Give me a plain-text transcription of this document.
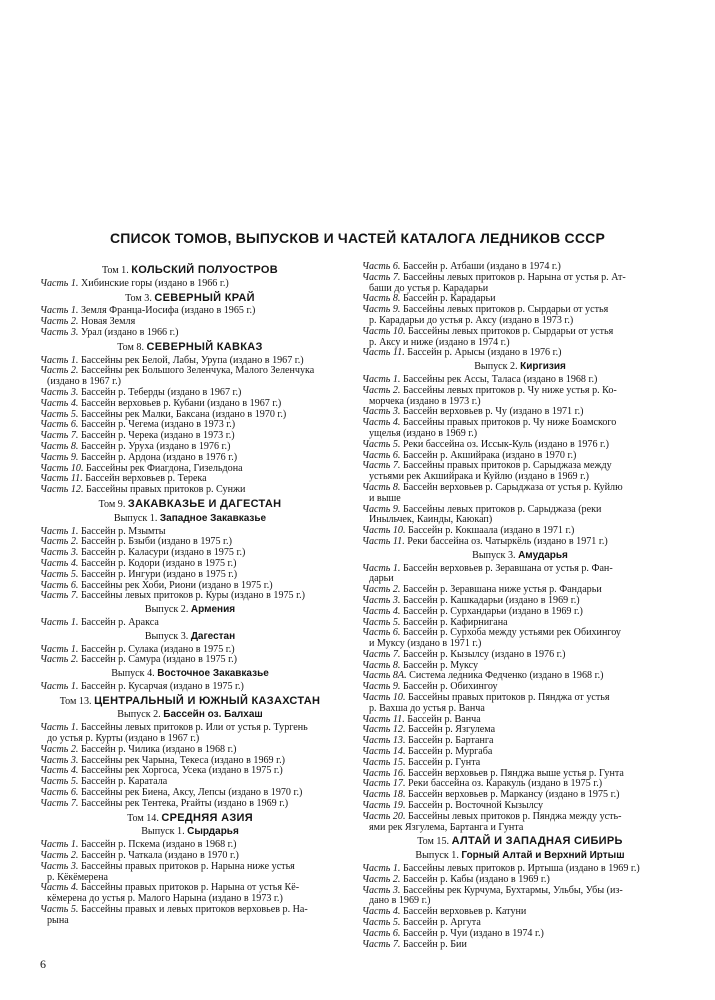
СПИСОК ТОМОВ, ВЫПУСКОВ И ЧАСТЕЙ КАТАЛОГА ЛЕДНИКОВ СССР
Том 1. КОЛЬСКИЙ ПОЛУОСТРОВ
Часть 1. Хибинские горы (издано в 1966 г.)
Том 3. СЕВЕРНЫЙ КРАЙ
Часть 1. Земля Франца-Иосифа (издано в 1965 г.)
Часть 2. Новая Земля
Часть 3. Урал (издано в 1966 г.)
Том 8. СЕВЕРНЫЙ КАВКАЗ
Часть 1. Бассейны рек Белой, Лабы, Урупа (издано в 1967 г.)
Часть 2. Бассейны рек Большого Зеленчука, Малого Зеленчука
(издано в 1967 г.)
Часть 3. Бассейн р. Теберды (издано в 1967 г.)
Часть 4. Бассейн верховьев р. Кубани (издано в 1967 г.)
Часть 5. Бассейны рек Малки, Баксана (издано в 1970 г.)
Часть 6. Бассейн р. Чегема (издано в 1973 г.)
Часть 7. Бассейн р. Черека (издано в 1973 г.)
Часть 8. Бассейн р. Уруха (издано в 1976 г.)
Часть 9. Бассейн р. Ардона (издано в 1976 г.)
Часть 10. Бассейны рек Фиагдона, Гизельдона
Часть 11. Бассейн верховьев р. Терека
Часть 12. Бассейны правых притоков р. Сунжи
Том 9. ЗАКАВКАЗЬЕ И ДАГЕСТАН
Выпуск 1. Западное Закавказье
Часть 1. Бассейн р. Мзымты
Часть 2. Бассейн р. Бзыби (издано в 1975 г.)
Часть 3. Бассейн р. Каласури (издано в 1975 г.)
Часть 4. Бассейн р. Кодори (издано в 1975 г.)
Часть 5. Бассейн р. Ингури (издано в 1975 г.)
Часть 6. Бассейны рек Хоби, Риони (издано в 1975 г.)
Часть 7. Бассейны левых притоков р. Куры (издано в 1975 г.)
Выпуск 2. Армения
Часть 1. Бассейн р. Аракса
Выпуск 3. Дагестан
Часть 1. Бассейн р. Сулака (издано в 1975 г.)
Часть 2. Бассейн р. Самура (издано в 1975 г.)
Выпуск 4. Восточное Закавказье
Часть 1. Бассейн р. Кусарчая (издано в 1975 г.)
Том 13. ЦЕНТРАЛЬНЫЙ И ЮЖНЫЙ КАЗАХСТАН
Выпуск 2. Бассейн оз. Балхаш
Часть 1. Бассейны левых притоков р. Или от устья р. Тургень
до устья р. Курты (издано в 1967 г.)
Часть 2. Бассейн р. Чилика (издано в 1968 г.)
Часть 3. Бассейны рек Чарына, Текеса (издано в 1969 г.)
Часть 4. Бассейны рек Хоргоса, Усека (издано в 1975 г.)
Часть 5. Бассейн р. Каратала
Часть 6. Бассейны рек Биена, Аксу, Лепсы (издано в 1970 г.)
Часть 7. Бассейны рек Тентека, Рғайты (издано в 1969 г.)
Том 14. СРЕДНЯЯ АЗИЯ
Выпуск 1. Сырдарья
Часть 1. Бассейн р. Пскема (издано в 1968 г.)
Часть 2. Бассейн р. Чаткала (издано в 1970 г.)
Часть 3. Бассейны правых притоков р. Нарына ниже устья
р. Кёкёмерена
Часть 4. Бассейны правых притоков р. Нарына от устья Кё-
кёмерена до устья р. Малого Нарына (издано в 1973 г.)
Часть 5. Бассейны правых и левых притоков верховьев р. На-
рына
Часть 6. Бассейн р. Атбаши (издано в 1974 г.)
Часть 7. Бассейны левых притоков р. Нарына от устья р. Ат-
баши до устья р. Карадарьи
Часть 8. Бассейн р. Карадарьи
Часть 9. Бассейны левых притоков р. Сырдарьи от устья
р. Карадарьи до устья р. Аксу (издано в 1973 г.)
Часть 10. Бассейны левых притоков р. Сырдарьи от устья
р. Аксу и ниже (издано в 1974 г.)
Часть 11. Бассейн р. Арысы (издано в 1976 г.)
Выпуск 2. Киргизия
Часть 1. Бассейны рек Ассы, Таласа (издано в 1968 г.)
Часть 2. Бассейны левых притоков р. Чу ниже устья р. Ко-
морчека (издано в 1973 г.)
Часть 3. Бассейн верховьев р. Чу (издано в 1971 г.)
Часть 4. Бассейны правых притоков р. Чу ниже Боамского
ущелья (издано в 1969 г.)
Часть 5. Реки бассейна оз. Иссык-Куль (издано в 1976 г.)
Часть 6. Бассейн р. Акшийрака (издано в 1970 г.)
Часть 7. Бассейны правых притоков р. Сарыджаза между
устьями рек Акшийрака и Куйлю (издано в 1969 г.)
Часть 8. Бассейн верховьев р. Сарыджаза от устья р. Куйлю
и выше
Часть 9. Бассейны левых притоков р. Сарыджаза (реки
Иныльчек, Каинды, Каюкап)
Часть 10. Бассейн р. Кокшаала (издано в 1971 г.)
Часть 11. Реки бассейна оз. Чатыркёль (издано в 1971 г.)
Выпуск 3. Амударья
Часть 1. Бассейн верховьев р. Зеравшана от устья р. Фан-
дарьи
Часть 2. Бассейн р. Зеравшана ниже устья р. Фандарьи
Часть 3. Бассейн р. Кашкадарьи (издано в 1969 г.)
Часть 4. Бассейн р. Сурхандарьи (издано в 1969 г.)
Часть 5. Бассейн р. Кафирнигана
Часть 6. Бассейн р. Сурхоба между устьями рек Обихингоу
и Муксу (издано в 1971 г.)
Часть 7. Бассейн р. Кызылсу (издано в 1976 г.)
Часть 8. Бассейн р. Муксу
Часть 8А. Система ледника Федченко (издано в 1968 г.)
Часть 9. Бассейн р. Обихингоу
Часть 10. Бассейны правых притоков р. Пянджа от устья
р. Вахша до устья р. Ванча
Часть 11. Бассейн р. Ванча
Часть 12. Бассейн р. Язгулема
Часть 13. Бассейн р. Бартанга
Часть 14. Бассейн р. Мургаба
Часть 15. Бассейн р. Гунта
Часть 16. Бассейн верховьев р. Пянджа выше устья р. Гунта
Часть 17. Реки бассейна оз. Каракуль (издано в 1975 г.)
Часть 18. Бассейн верховьев р. Маркансу (издано в 1975 г.)
Часть 19. Бассейн р. Восточной Кызылсу
Часть 20. Бассейны левых притоков р. Пянджа между усть-
ями рек Язгулема, Бартанга и Гунта
Том 15. АЛТАЙ И ЗАПАДНАЯ СИБИРЬ
Выпуск 1. Горный Алтай и Верхний Иртыш
Часть 1. Бассейны левых притоков р. Иртыша (издано в 1969 г.)
Часть 2. Бассейн р. Кабы (издано в 1969 г.)
Часть 3. Бассейны рек Курчума, Бухтармы, Ульбы, Убы (из-
дано в 1969 г.)
Часть 4. Бассейн верховьев р. Катуни
Часть 5. Бассейн р. Аргута
Часть 6. Бассейн р. Чуи (издано в 1974 г.)
Часть 7. Бассейн р. Бии
6
